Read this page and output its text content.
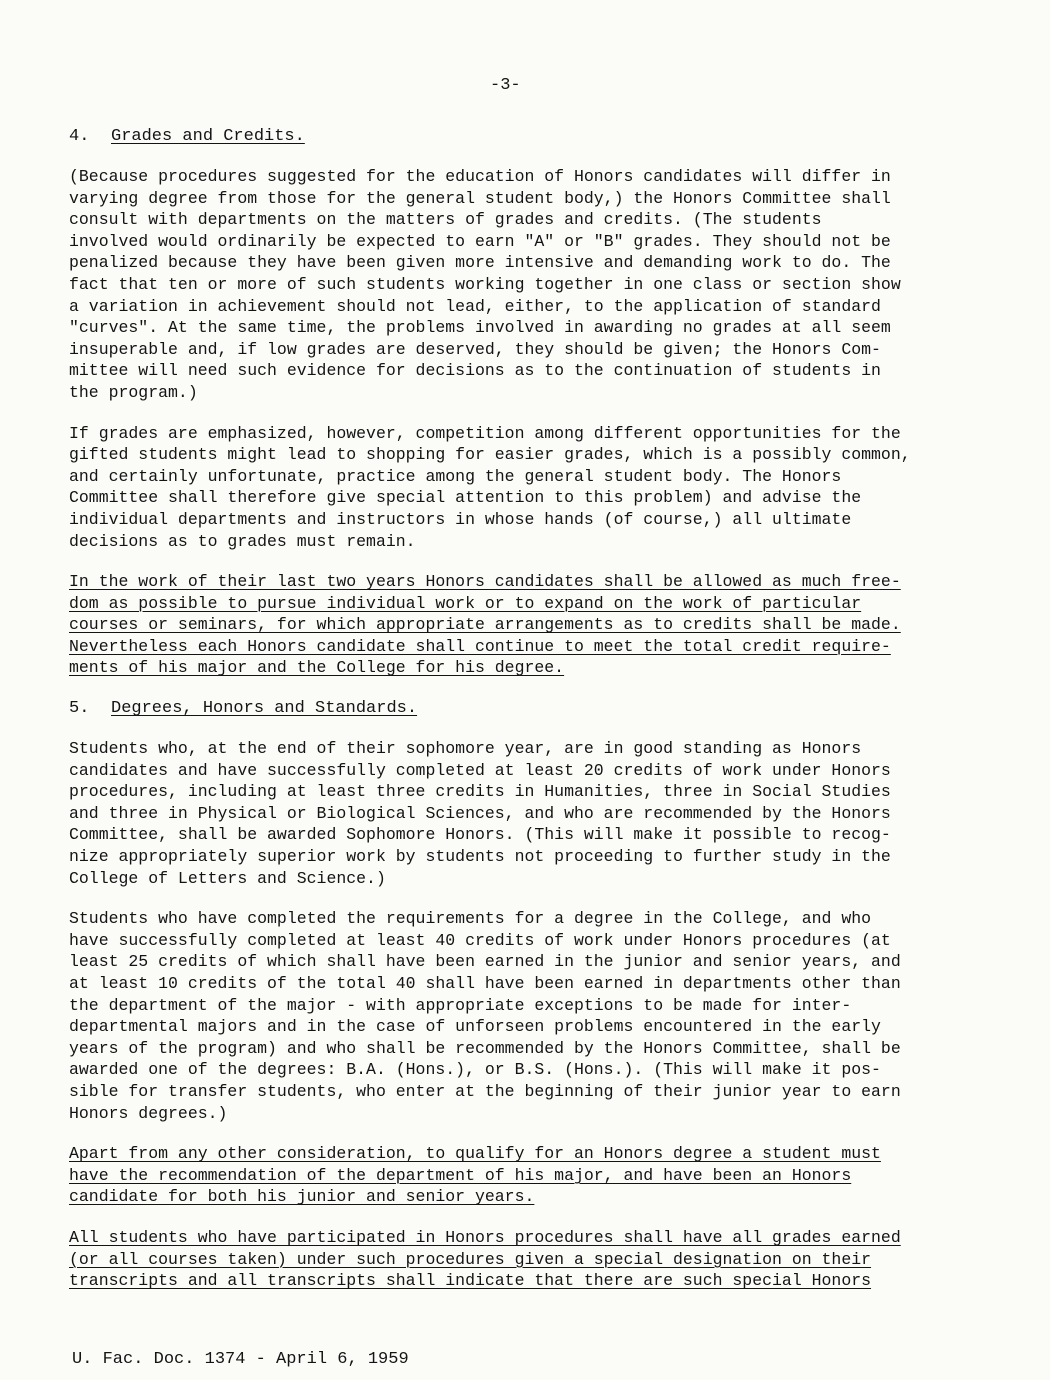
-3-
4. Grades and Credits.

(Because procedures suggested for the education of Honors candidates will differ in
varying degree from those for the general student body,) the Honors Committee shall
consult with departments on the matters of grades and credits. (The students
involved would ordinarily be expected to earn "A" or "B" grades. They should not be
penalized because they have been given more intensive and demanding work to do. The
fact that ten or more of such students working together in one class or section show
a variation in achievement should not lead, either, to the application of standard
"curves". At the same time, the problems involved in awarding no grades at all seem
insuperable and, if low grades are deserved, they should be given; the Honors Com-
mittee will need such evidence for decisions as to the continuation of students in
the program.)

If grades are emphasized, however, competition among different opportunities for the
gifted students might lead to shopping for easier grades, which is a possibly common,
and certainly unfortunate, practice among the general student body. The Honors
Committee shall therefore give special attention to this problem) and advise the
individual departments and instructors in whose hands (of course,) all ultimate
decisions as to grades must remain.

In the work of their last two years Honors candidates shall be allowed as much free-
dom as possible to pursue individual work or to expand on the work of particular
courses or seminars, for which appropriate arrangements as to credits shall be made.
Nevertheless each Honors candidate shall continue to meet the total credit require-
ments of his major and the College for his degree.

5. Degrees, Honors and Standards.

Students who, at the end of their sophomore year, are in good standing as Honors
candidates and have successfully completed at least 20 credits of work under Honors
procedures, including at least three credits in Humanities, three in Social Studies
and three in Physical or Biological Sciences, and who are recommended by the Honors
Committee, shall be awarded Sophomore Honors. (This will make it possible to recog-
nize appropriately superior work by students not proceeding to further study in the
College of Letters and Science.)

Students who have completed the requirements for a degree in the College, and who
have successfully completed at least 40 credits of work under Honors procedures (at
least 25 credits of which shall have been earned in the junior and senior years, and
at least 10 credits of the total 40 shall have been earned in departments other than
the department of the major - with appropriate exceptions to be made for inter-
departmental majors and in the case of unforseen problems encountered in the early
years of the program) and who shall be recommended by the Honors Committee, shall be
awarded one of the degrees: B.A. (Hons.), or B.S. (Hons.). (This will make it pos-
sible for transfer students, who enter at the beginning of their junior year to earn
Honors degrees.)

Apart from any other consideration, to qualify for an Honors degree a student must
have the recommendation of the department of his major, and have been an Honors
candidate for both his junior and senior years.

All students who have participated in Honors procedures shall have all grades earned
(or all courses taken) under such procedures given a special designation on their
transcripts and all transcripts shall indicate that there are such special Honors

U. Fac. Doc. 1374 - April 6, 1959
